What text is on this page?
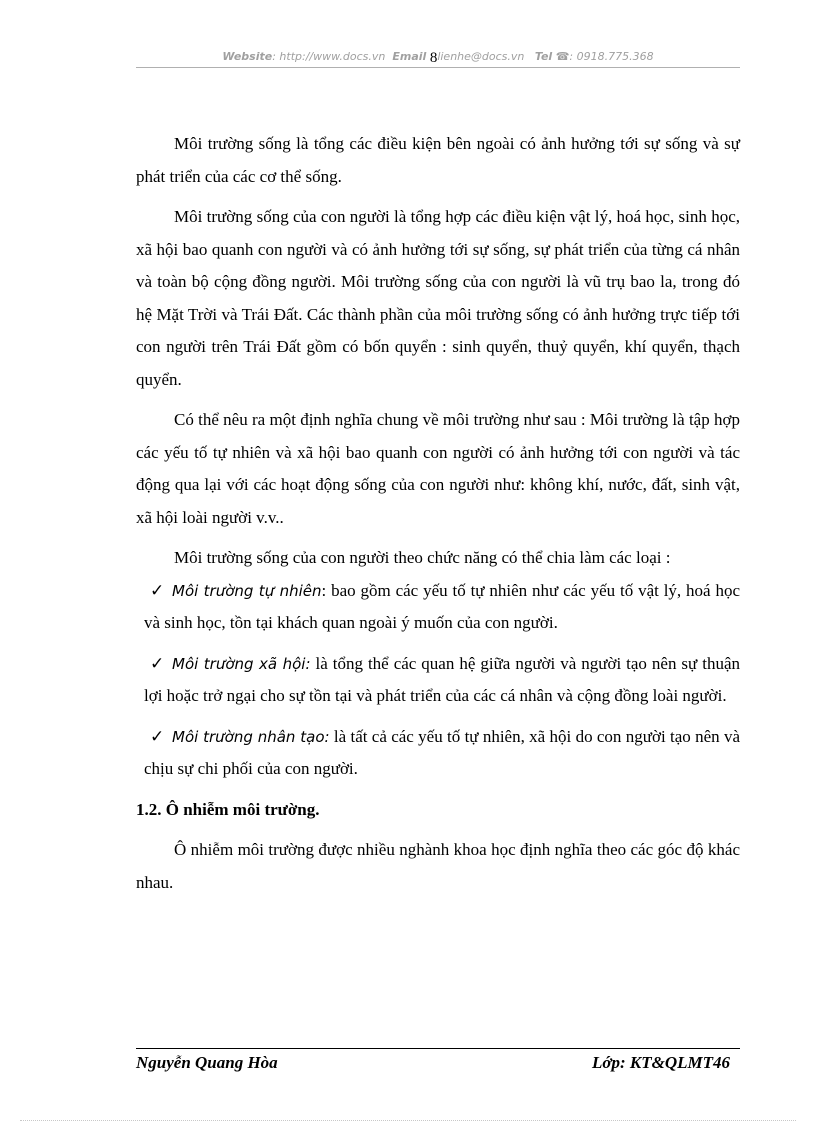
Website: http://www.docs.vn Email 8lienhe@docs.vn Tel ☎: 0918.775.368

Môi trường sống là tổng các điều kiện bên ngoài có ảnh hưởng tới sự sống và sự phát triển của các cơ thể sống.

Môi trường sống của con người là tổng hợp các điều kiện vật lý, hoá học, sinh học, xã hội bao quanh con người và có ảnh hưởng tới sự sống, sự phát triển của từng cá nhân và toàn bộ cộng đồng người. Môi trường sống của con người là vũ trụ bao la, trong đó hệ Mặt Trời và Trái Đất. Các thành phần của môi trường sống có ảnh hưởng trực tiếp tới con người trên Trái Đất gồm có bốn quyển : sinh quyển, thuỷ quyển, khí quyển, thạch quyển.

Có thể nêu ra một định nghĩa chung về môi trường như sau : Môi trường là tập hợp các yếu tố tự nhiên và xã hội bao quanh con người có ảnh hưởng tới con người và tác động qua lại với các hoạt động sống của con người như: không khí, nước, đất, sinh vật, xã hội loài người v.v..

Môi trường sống của con người theo chức năng có thể chia làm các loại :

✓ Môi trường tự nhiên: bao gồm các yếu tố tự nhiên như các yếu tố vật lý, hoá học và sinh học, tồn tại khách quan ngoài ý muốn của con người.
✓ Môi trường xã hội: là tổng thể các quan hệ giữa người và người tạo nên sự thuận lợi hoặc trở ngại cho sự tồn tại và phát triển của các cá nhân và cộng đồng loài người.
✓ Môi trường nhân tạo: là tất cả các yếu tố tự nhiên, xã hội do con người tạo nên và chịu sự chi phối của con người.
1.2. Ô nhiễm môi trường.

Ô nhiễm môi trường được nhiều nghành khoa học định nghĩa theo các góc độ khác nhau.

Nguyễn Quang Hòa	Lớp: KT&QLMT46
